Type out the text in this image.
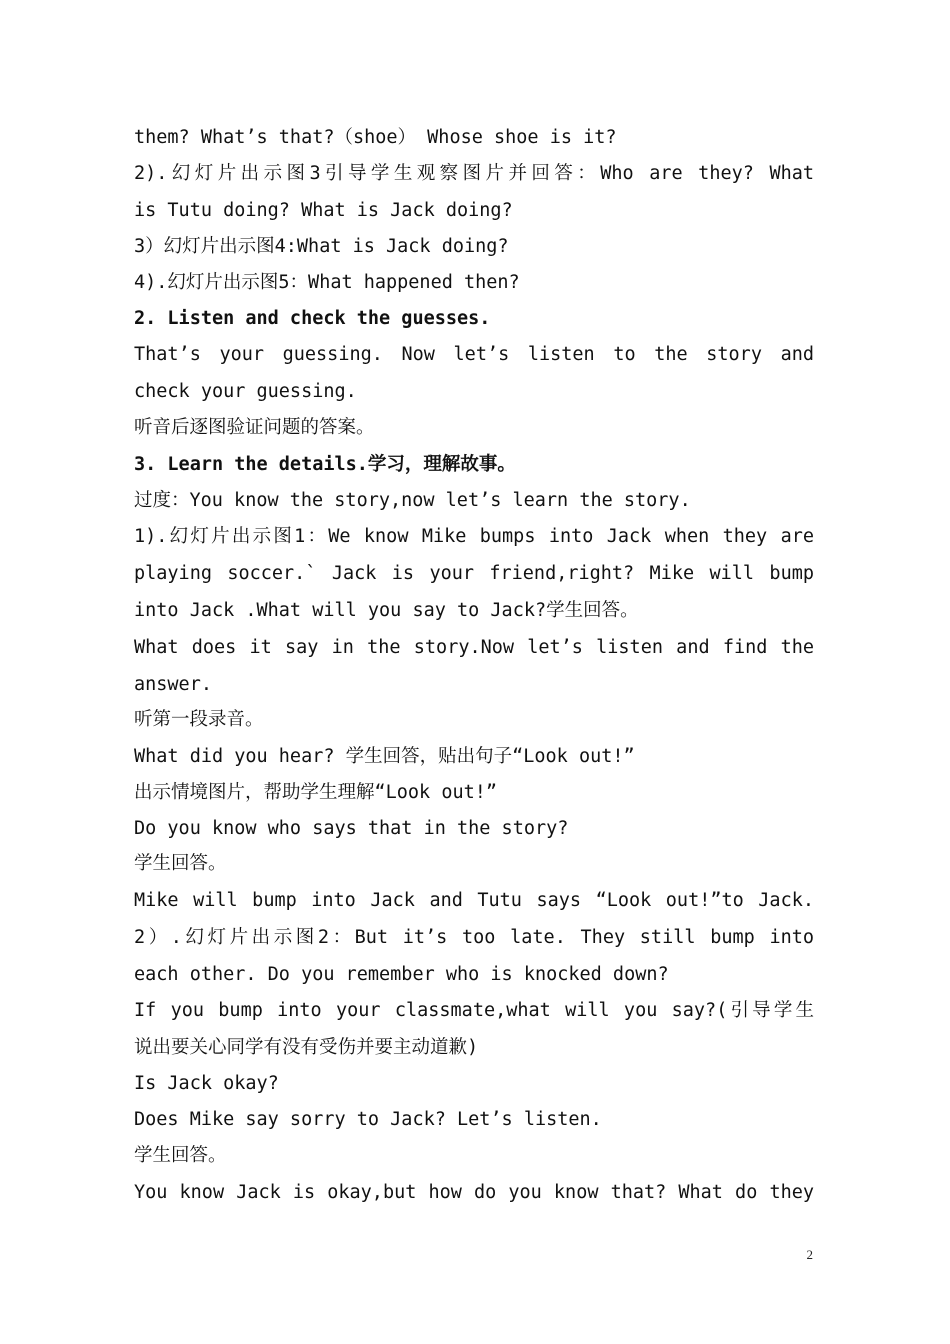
them? What’s that?（shoe） Whose shoe is it?
2).幻灯片出示图3引导学生观察图片并回答：Who are they? What
is Tutu doing? What is Jack doing?
3）幻灯片出示图4:What is Jack doing?
4).幻灯片出示图5：What happened then?
2. Listen and check the guesses.
That’s your guessing. Now let’s listen to the story and
check your guessing.
听音后逐图验证问题的答案。
3. Learn the details.学习，理解故事。
过度：You know the story,now let’s learn the story.
1).幻灯片出示图1：We know Mike bumps into Jack when they are
playing soccer.` Jack is your friend,right? Mike will bump
into Jack .What will you say to Jack?学生回答。
What does it say in the story.Now let’s listen and find the
answer.
听第一段录音。
What did you hear? 学生回答，贴出句子“Look out!”
出示情境图片，帮助学生理解“Look out!”
Do you know who says that in the story?
学生回答。
Mike will bump into Jack and Tutu says “Look out!”to Jack.
2）.幻灯片出示图2：But it’s too late. They still bump into
each other. Do you remember who is knocked down?
If you bump into your classmate,what will you say?(引导学生
说出要关心同学有没有受伤并要主动道歉)
Is Jack okay?
Does Mike say sorry to Jack? Let’s listen.
学生回答。
You know Jack is okay,but how do you know that? What do they
2
